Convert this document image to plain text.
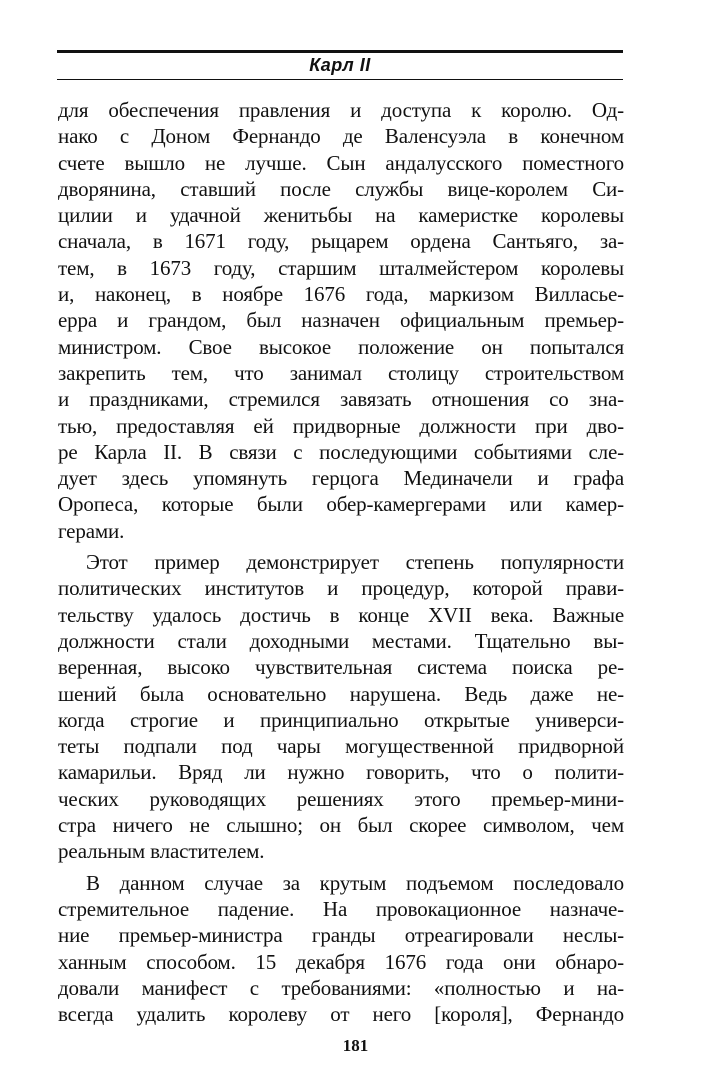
Карл II
для обеспечения правления и доступа к королю. Од-
нако с Доном Фернандо де Валенсуэла в конечном
счете вышло не лучше. Сын андалусского поместного
дворянина, ставший после службы вице-королем Си-
цилии и удачной женитьбы на камеристке королевы
сначала, в 1671 году, рыцарем ордена Сантьяго, за-
тем, в 1673 году, старшим шталмейстером королевы
и, наконец, в ноябре 1676 года, маркизом Вилласье-
ерра и грандом, был назначен официальным премьер-
министром. Свое высокое положение он попытался
закрепить тем, что занимал столицу строительством
и праздниками, стремился завязать отношения со зна-
тью, предоставляя ей придворные должности при дво-
ре Карла II. В связи с последующими событиями сле-
дует здесь упомянуть герцога Мединачели и графа
Оропеса, которые были обер-камергерами или камер-
герами.
Этот пример демонстрирует степень популярности
политических институтов и процедур, которой прави-
тельству удалось достичь в конце XVII века. Важные
должности стали доходными местами. Тщательно вы-
веренная, высоко чувствительная система поиска ре-
шений была основательно нарушена. Ведь даже не-
когда строгие и принципиально открытые универси-
теты подпали под чары могущественной придворной
камарильи. Вряд ли нужно говорить, что о полити-
ческих руководящих решениях этого премьер-мини-
стра ничего не слышно; он был скорее символом, чем
реальным властителем.
В данном случае за крутым подъемом последовало
стремительное падение. На провокационное назначе-
ние премьер-министра гранды отреагировали неслы-
ханным способом. 15 декабря 1676 года они обнаро-
довали манифест с требованиями: «полностью и на-
всегда удалить королеву от него [короля], Фернандо
181
